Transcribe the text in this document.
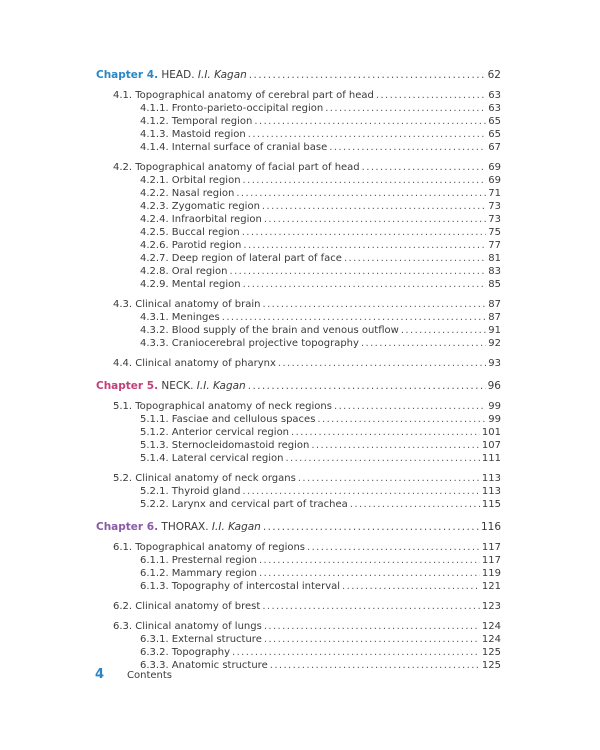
Chapter 4. HEAD. I.I. Kagan .....	62
4.1. Topographical anatomy of cerebral part of head .....	63
4.1.1. Fronto-parieto-occipital region .....	63
4.1.2. Temporal region .....	65
4.1.3. Mastoid region .....	65
4.1.4. Internal surface of cranial base .....	67
4.2. Topographical anatomy of facial part of head .....	69
4.2.1. Orbital region .....	69
4.2.2. Nasal region .....	71
4.2.3. Zygomatic region .....	73
4.2.4. Infraorbital region .....	73
4.2.5. Buccal region .....	75
4.2.6. Parotid region .....	77
4.2.7. Deep region of lateral part of face .....	81
4.2.8. Oral region .....	83
4.2.9. Mental region .....	85
4.3. Clinical anatomy of brain .....	87
4.3.1. Meninges .....	87
4.3.2. Blood supply of the brain and venous outflow .....	91
4.3.3. Craniocerebral projective topography .....	92
4.4. Clinical anatomy of pharynx .....	93
Chapter 5. NECK. I.I. Kagan .....	96
5.1. Topographical anatomy of neck regions .....	99
5.1.1. Fasciae and cellulous spaces .....	99
5.1.2. Anterior cervical region .....	101
5.1.3. Sternocleidomastoid region .....	107
5.1.4. Lateral cervical region .....	111
5.2. Clinical anatomy of neck organs .....	113
5.2.1. Thyroid gland .....	113
5.2.2. Larynx and cervical part of trachea .....	115
Chapter 6. THORAX. I.I. Kagan .....	116
6.1. Topographical anatomy of regions .....	117
6.1.1. Presternal region .....	117
6.1.2. Mammary region .....	119
6.1.3. Topography of intercostal interval .....	121
6.2. Clinical anatomy of brest .....	123
6.3. Clinical anatomy of lungs .....	124
6.3.1. External structure .....	124
6.3.2. Topography .....	125
6.3.3. Anatomic structure .....	125
4	Contents
